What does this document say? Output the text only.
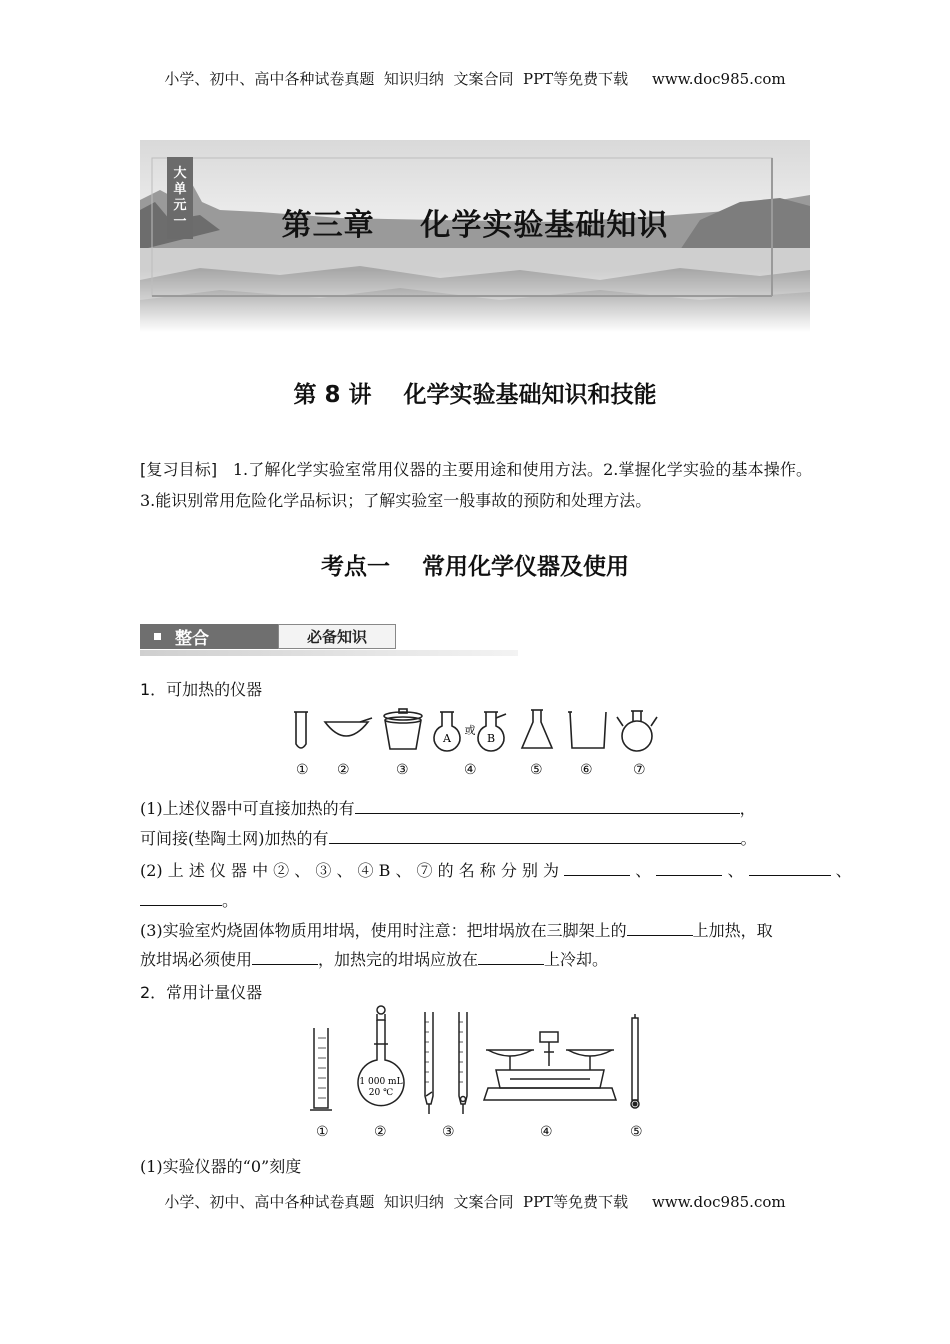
小学、初中、高中各种试卷真题  知识归纳  文案合同  PPT等免费下载     www.doc985.com
大
单
元
一	第三章    化学实验基础知识
第 8 讲    化学实验基础知识和技能
[复习目标] 1.了解化学实验室常用仪器的主要用途和使用方法。2.掌握化学实验的基本操作。3.能识别常用危险化学品标识；了解实验室一般事故的预防和处理方法。
考点一    常用化学仪器及使用
整合	必备知识
1．可加热的仪器
A
或
B
① ②	③	④	⑤	⑥	⑦
(1)上述仪器中可直接加热的有	，
可间接(垫陶土网)加热的有	。
(2) 上 述 仪 器 中 ② 、 ③ 、 ④ B 、 ⑦ 的 名 称 分 别 为	、	、	、
。
(3)实验室灼烧固体物质用坩埚，使用时注意：把坩埚放在三脚架上的	上加热，取
放坩埚必须使用	，加热完的坩埚应放在	上冷却。
2．常用计量仪器
1 000 mL
20 ℃
①	②	③	④	⑤
(1)实验仪器的“0”刻度
小学、初中、高中各种试卷真题  知识归纳  文案合同  PPT等免费下载     www.doc985.com
